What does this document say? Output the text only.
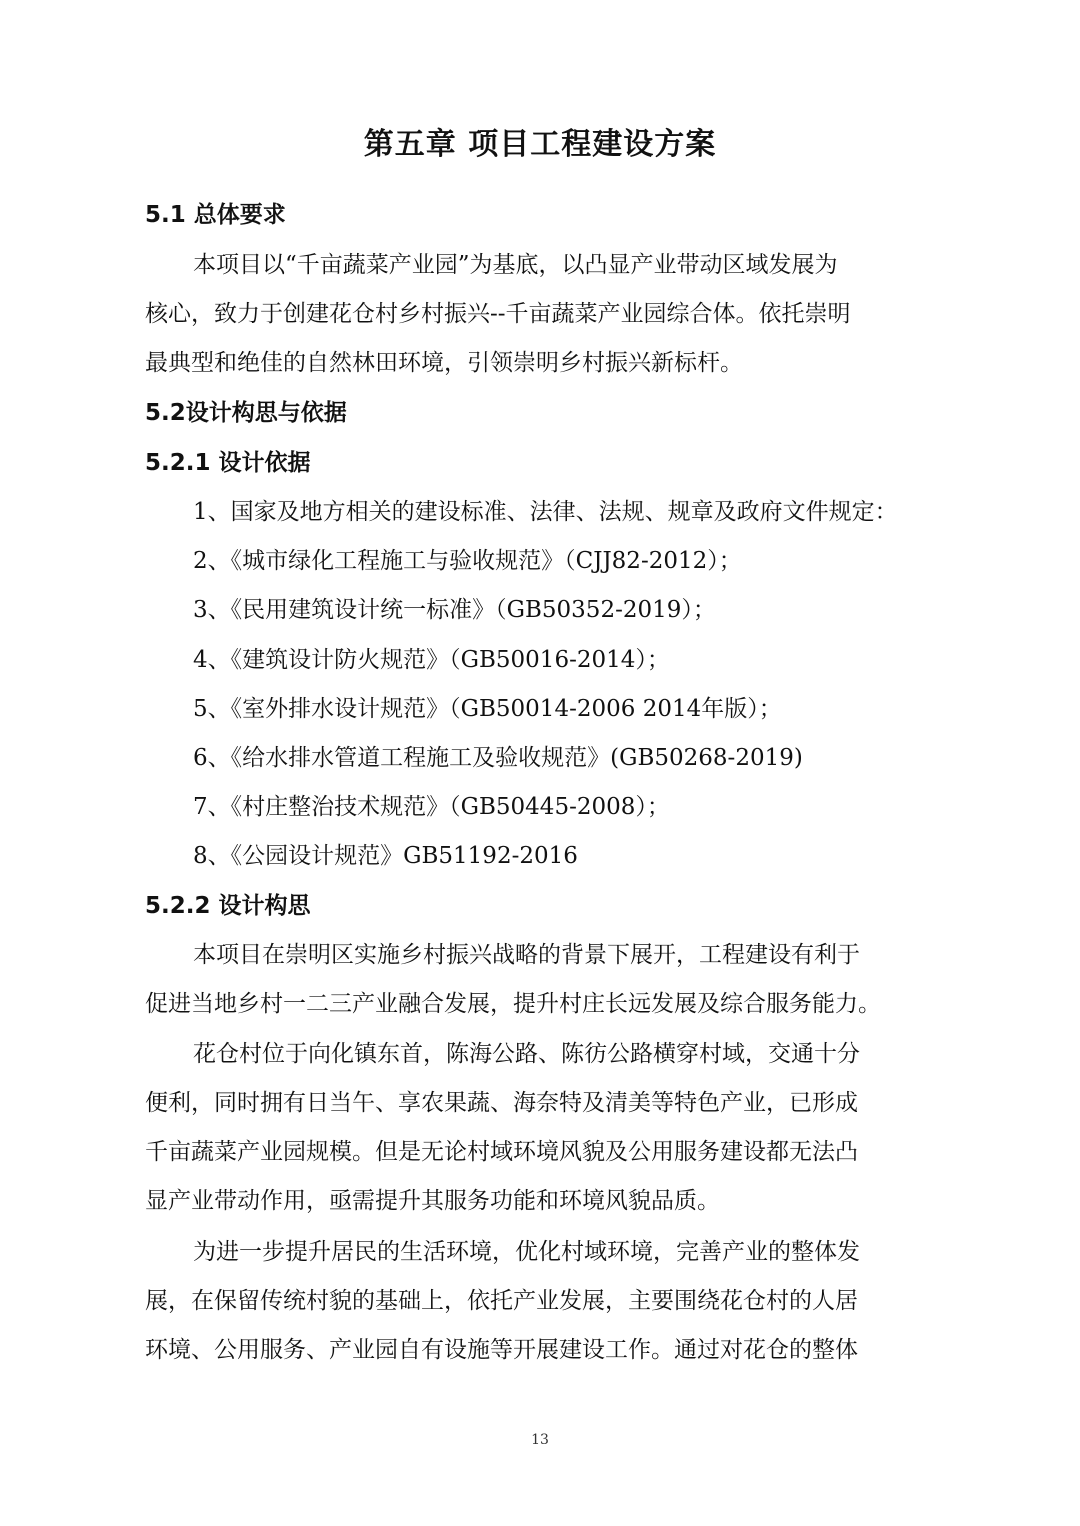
第五章 项目工程建设方案
5.1 总体要求
本项目以“千亩蔬菜产业园”为基底，以凸显产业带动区域发展为
核心，致力于创建花仓村乡村振兴--千亩蔬菜产业园综合体。依托崇明
最典型和绝佳的自然林田环境，引领崇明乡村振兴新标杆。
5.2设计构思与依据
5.2.1 设计依据
1、国家及地方相关的建设标准、法律、法规、规章及政府文件规定：
2、《城市绿化工程施工与验收规范》（CJJ82-2012）；
3、《民用建筑设计统一标准》（GB50352-2019）；
4、《建筑设计防火规范》（GB50016-2014）；
5、《室外排水设计规范》（GB50014-2006 2014年版）；
6、《给水排水管道工程施工及验收规范》(GB50268-2019)
7、《村庄整治技术规范》（GB50445-2008）；
8、《公园设计规范》GB51192-2016
5.2.2 设计构思
本项目在崇明区实施乡村振兴战略的背景下展开，工程建设有利于
促进当地乡村一二三产业融合发展，提升村庄长远发展及综合服务能力。
花仓村位于向化镇东首，陈海公路、陈彷公路横穿村域，交通十分
便利，同时拥有日当午、享农果蔬、海奈特及清美等特色产业，已形成
千亩蔬菜产业园规模。但是无论村域环境风貌及公用服务建设都无法凸
显产业带动作用，亟需提升其服务功能和环境风貌品质。
为进一步提升居民的生活环境，优化村域环境，完善产业的整体发
展，在保留传统村貌的基础上，依托产业发展，主要围绕花仓村的人居
环境、公用服务、产业园自有设施等开展建设工作。通过对花仓的整体
13
